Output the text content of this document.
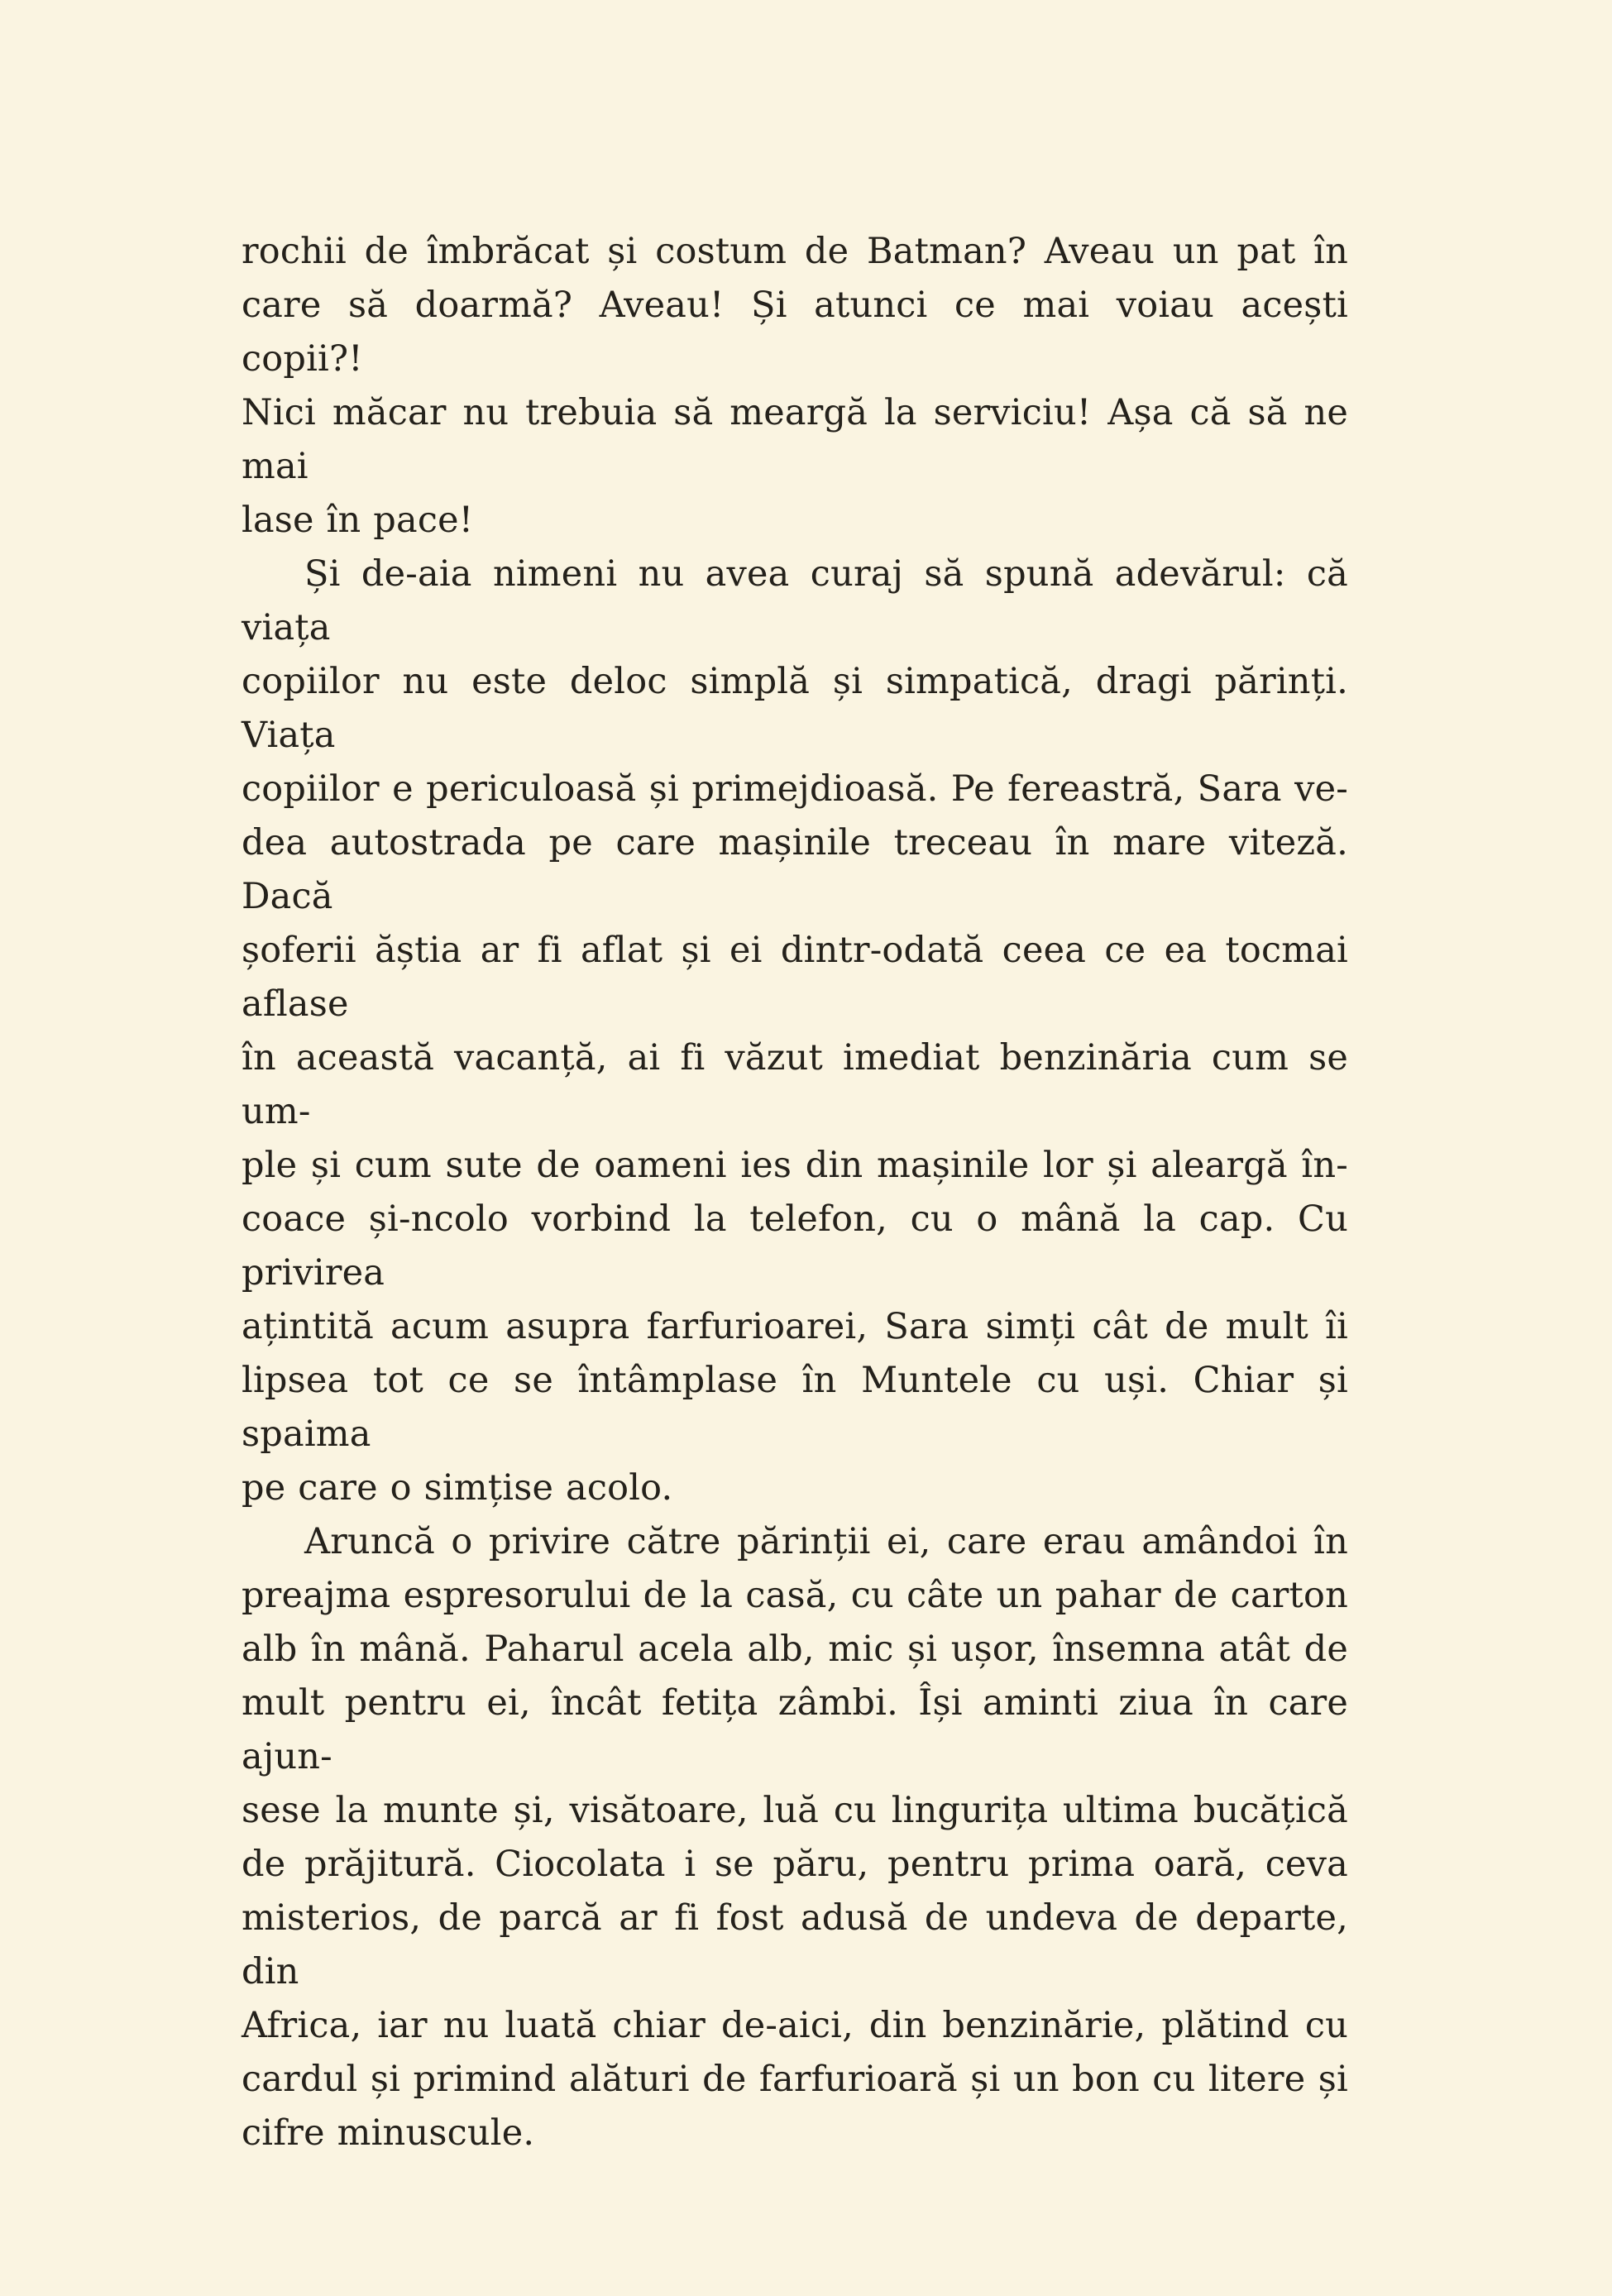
rochii de îmbrăcat și costum de Batman? Aveau un pat în
care să doarmă? Aveau! Și atunci ce mai voiau acești copii?!
Nici măcar nu trebuia să meargă la serviciu! Așa că să ne mai
lase în pace!
Și de-aia nimeni nu avea curaj să spună adevărul: că viața
copiilor nu este deloc simplă și simpatică, dragi părinți. Viața
copiilor e periculoasă și primejdioasă. Pe fereastră, Sara ve-
dea autostrada pe care mașinile treceau în mare viteză. Dacă
șoferii ăștia ar fi aflat și ei dintr-odată ceea ce ea tocmai aflase
în această vacanță, ai fi văzut imediat benzinăria cum se um-
ple și cum sute de oameni ies din mașinile lor și aleargă în-
coace și-ncolo vorbind la telefon, cu o mână la cap. Cu privirea
ațintită acum asupra farfurioarei, Sara simți cât de mult îi
lipsea tot ce se întâmplase în Muntele cu uși. Chiar și spaima
pe care o simțise acolo.
Aruncă o privire către părinții ei, care erau amândoi în
preajma espresorului de la casă, cu câte un pahar de carton
alb în mână. Paharul acela alb, mic și ușor, însemna atât de
mult pentru ei, încât fetița zâmbi. Își aminti ziua în care ajun-
sese la munte și, visătoare, luă cu lingurița ultima bucățică
de prăjitură. Ciocolata i se păru, pentru prima oară, ceva
misterios, de parcă ar fi fost adusă de undeva de departe, din
Africa, iar nu luată chiar de-aici, din benzinărie, plătind cu
cardul și primind alături de farfurioară și un bon cu litere și
cifre minuscule.
